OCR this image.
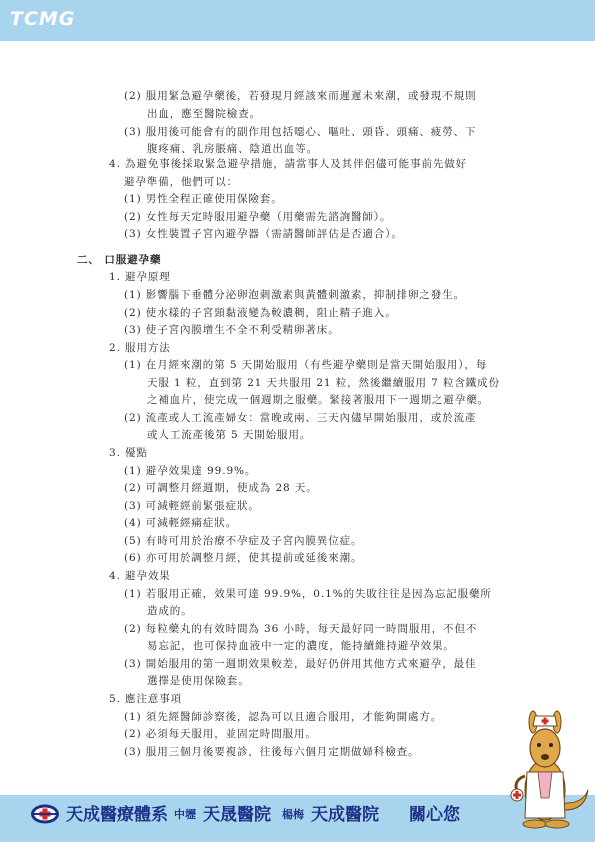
TCMG
(2) 服用緊急避孕藥後，若發現月經該來而遲遲未來潮，或發現不規則
出血，應至醫院檢查。
(3) 服用後可能會有的副作用包括噁心、嘔吐、頭昏、頭痛、疲勞、下
腹疼痛、乳房脹痛、陰道出血等。
4. 為避免事後採取緊急避孕措施，請當事人及其伴侶儘可能事前先做好
避孕準備，他們可以：
(1) 男性全程正確使用保險套。
(2) 女性每天定時服用避孕藥（用藥需先諮詢醫師）。
(3) 女性裝置子宮內避孕器（需請醫師評估是否適合）。
二、 口服避孕藥
1. 避孕原理
(1) 影響腦下垂體分泌卵泡刺激素與黃體刺激素，抑制排卵之發生。
(2) 使水樣的子宮頸黏液變為較濃稠，阻止精子進入。
(3) 使子宮內膜增生不全不利受精卵著床。
2. 服用方法
(1) 在月經來潮的第 5 天開始服用（有些避孕藥則是當天開始服用），每
天服 1 粒，直到第 21 天共服用 21 粒，然後繼續服用 7 粒含鐵成份
之補血片，使完成一個週期之服藥。緊接著服用下一週期之避孕藥。
(2) 流產或人工流產婦女：當晚或兩、三天內儘早開始服用，或於流產
或人工流產後第 5 天開始服用。
3. 優點
(1) 避孕效果達 99.9%。
(2) 可調整月經週期，使成為 28 天。
(3) 可減輕經前緊張症狀。
(4) 可減輕經痛症狀。
(5) 有時可用於治療不孕症及子宮內膜異位症。
(6) 亦可用於調整月經，使其提前或延後來潮。
4. 避孕效果
(1) 若服用正確，效果可達 99.9%，0.1%的失敗往往是因為忘記服藥所
造成的。
(2) 每粒藥丸的有效時間為 36 小時，每天最好同一時間服用，不但不
易忘記，也可保持血液中一定的濃度，能持續維持避孕效果。
(3) 開始服用的第一週期效果較差，最好仍併用其他方式來避孕，最佳
選擇是使用保險套。
5. 應注意事項
(1) 須先經醫師診察後，認為可以且適合服用，才能夠開處方。
(2) 必須每天服用，並固定時間服用。
(3) 服用三個月後要複診，往後每六個月定期做婦科檢查。
天成醫療體系 中壢 天晟醫院 楊梅 天成醫院 關心您
